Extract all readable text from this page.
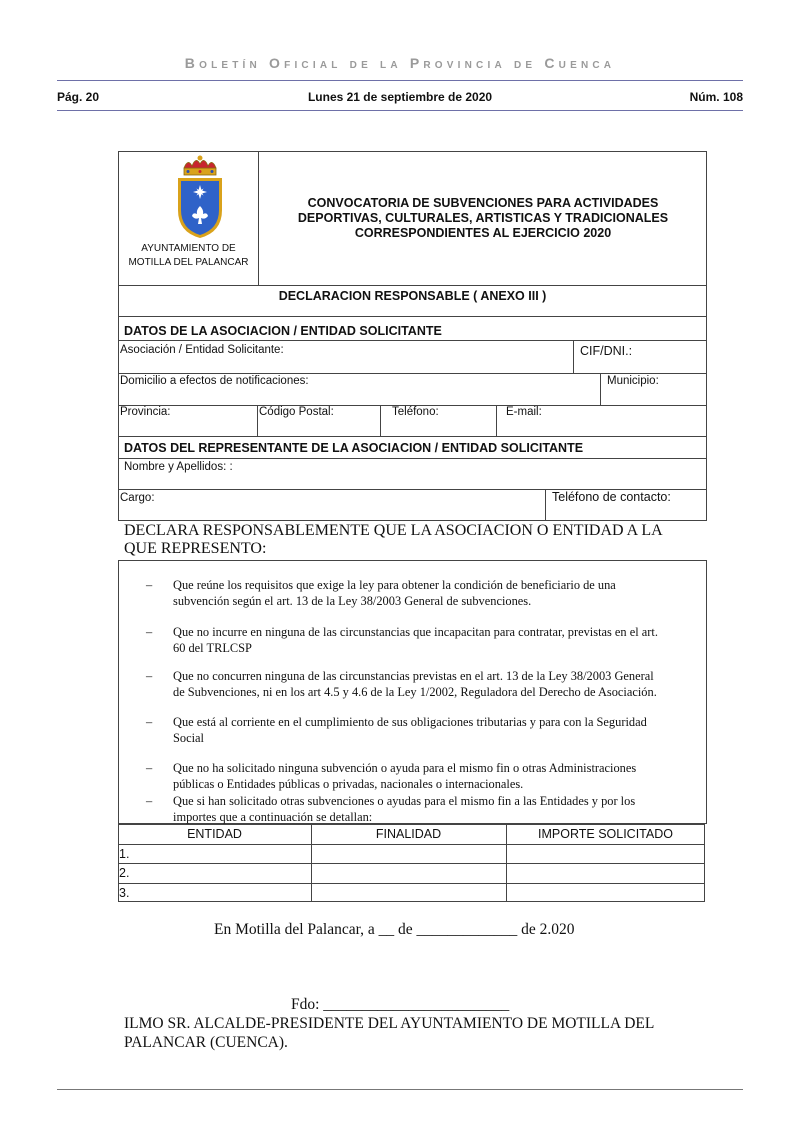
Boletín Oficial de la Provincia de Cuenca
Pág. 20	Lunes 21 de septiembre de 2020	Núm. 108
AYUNTAMIENTO DE
MOTILLA DEL PALANCAR
CONVOCATORIA DE SUBVENCIONES PARA ACTIVIDADES
DEPORTIVAS, CULTURALES, ARTISTICAS Y TRADICIONALES
CORRESPONDIENTES AL EJERCICIO 2020
DECLARACION RESPONSABLE ( ANEXO III )
DATOS DE LA ASOCIACION / ENTIDAD SOLICITANTE
Asociación / Entidad Solicitante:	CIF/DNI.:
Domicilio a efectos de notificaciones:	Municipio:
Provincia:	Código Postal:	Teléfono:	E-mail:
DATOS DEL REPRESENTANTE DE LA ASOCIACION / ENTIDAD SOLICITANTE
Nombre y Apellidos: :
Cargo:	Teléfono de contacto:
DECLARA RESPONSABLEMENTE QUE LA ASOCIACION O ENTIDAD A LA
QUE REPRESENTO:
– Que reúne los requisitos que exige la ley para obtener la condición de beneficiario de una
subvención según el art. 13 de la Ley 38/2003 General de subvenciones.
– Que no incurre en ninguna de las circunstancias que incapacitan para contratar, previstas en el art.
60 del TRLCSP
– Que no concurren ninguna de las circunstancias previstas en el art. 13 de la Ley 38/2003 General
de Subvenciones, ni en los art 4.5 y 4.6 de la Ley 1/2002, Reguladora del Derecho de Asociación.
– Que está al corriente en el cumplimiento de sus obligaciones tributarias y para con la Seguridad
Social
– Que no ha solicitado ninguna subvención o ayuda para el mismo fin o otras Administraciones
públicas o Entidades públicas o privadas, nacionales o internacionales.
– Que si han solicitado otras subvenciones o ayudas para el mismo fin a las Entidades y por los
importes que a continuación se detallan:
ENTIDAD	FINALIDAD	IMPORTE SOLICITADO
1.
2.
3.
En Motilla del Palancar, a __ de _____________ de 2.020
Fdo: ________________________
ILMO SR. ALCALDE-PRESIDENTE DEL AYUNTAMIENTO DE MOTILLA DEL
PALANCAR (CUENCA).
